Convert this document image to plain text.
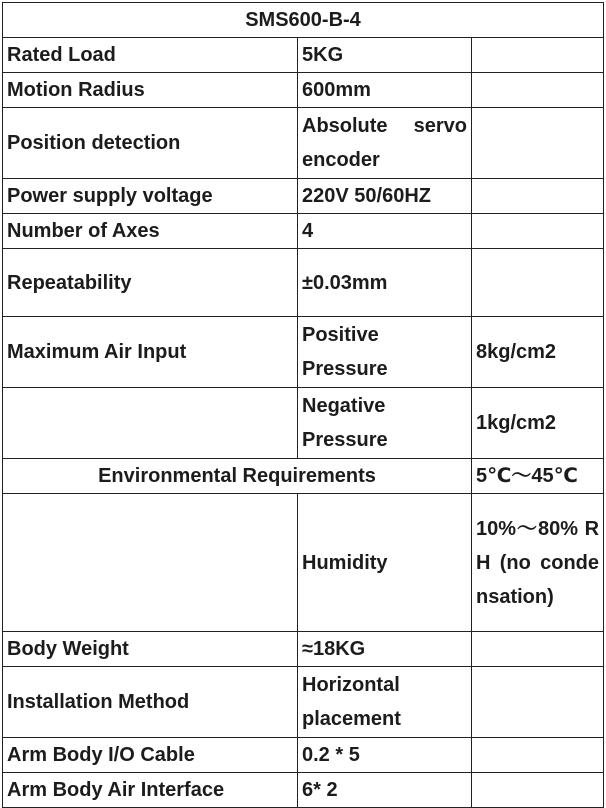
SMS600-B-4		
Rated Load	5KG	
Motion Radius	600mm	
Position detection	Absolute servo encoder	
Power supply voltage	220V 50/60HZ	
Number of Axes	4	
Repeatability	±0.03mm	
Maximum Air Input	Positive Pressure	8kg/cm2
	Negative Pressure	1kg/cm2
Environmental Requirements		5℃～45℃
	Humidity	10%～80% RH (no condensation)
Body Weight	≈18KG	
Installation Method	Horizontal placement	
Arm Body I/O Cable	0.2 * 5	
Arm Body Air Interface	6* 2	
